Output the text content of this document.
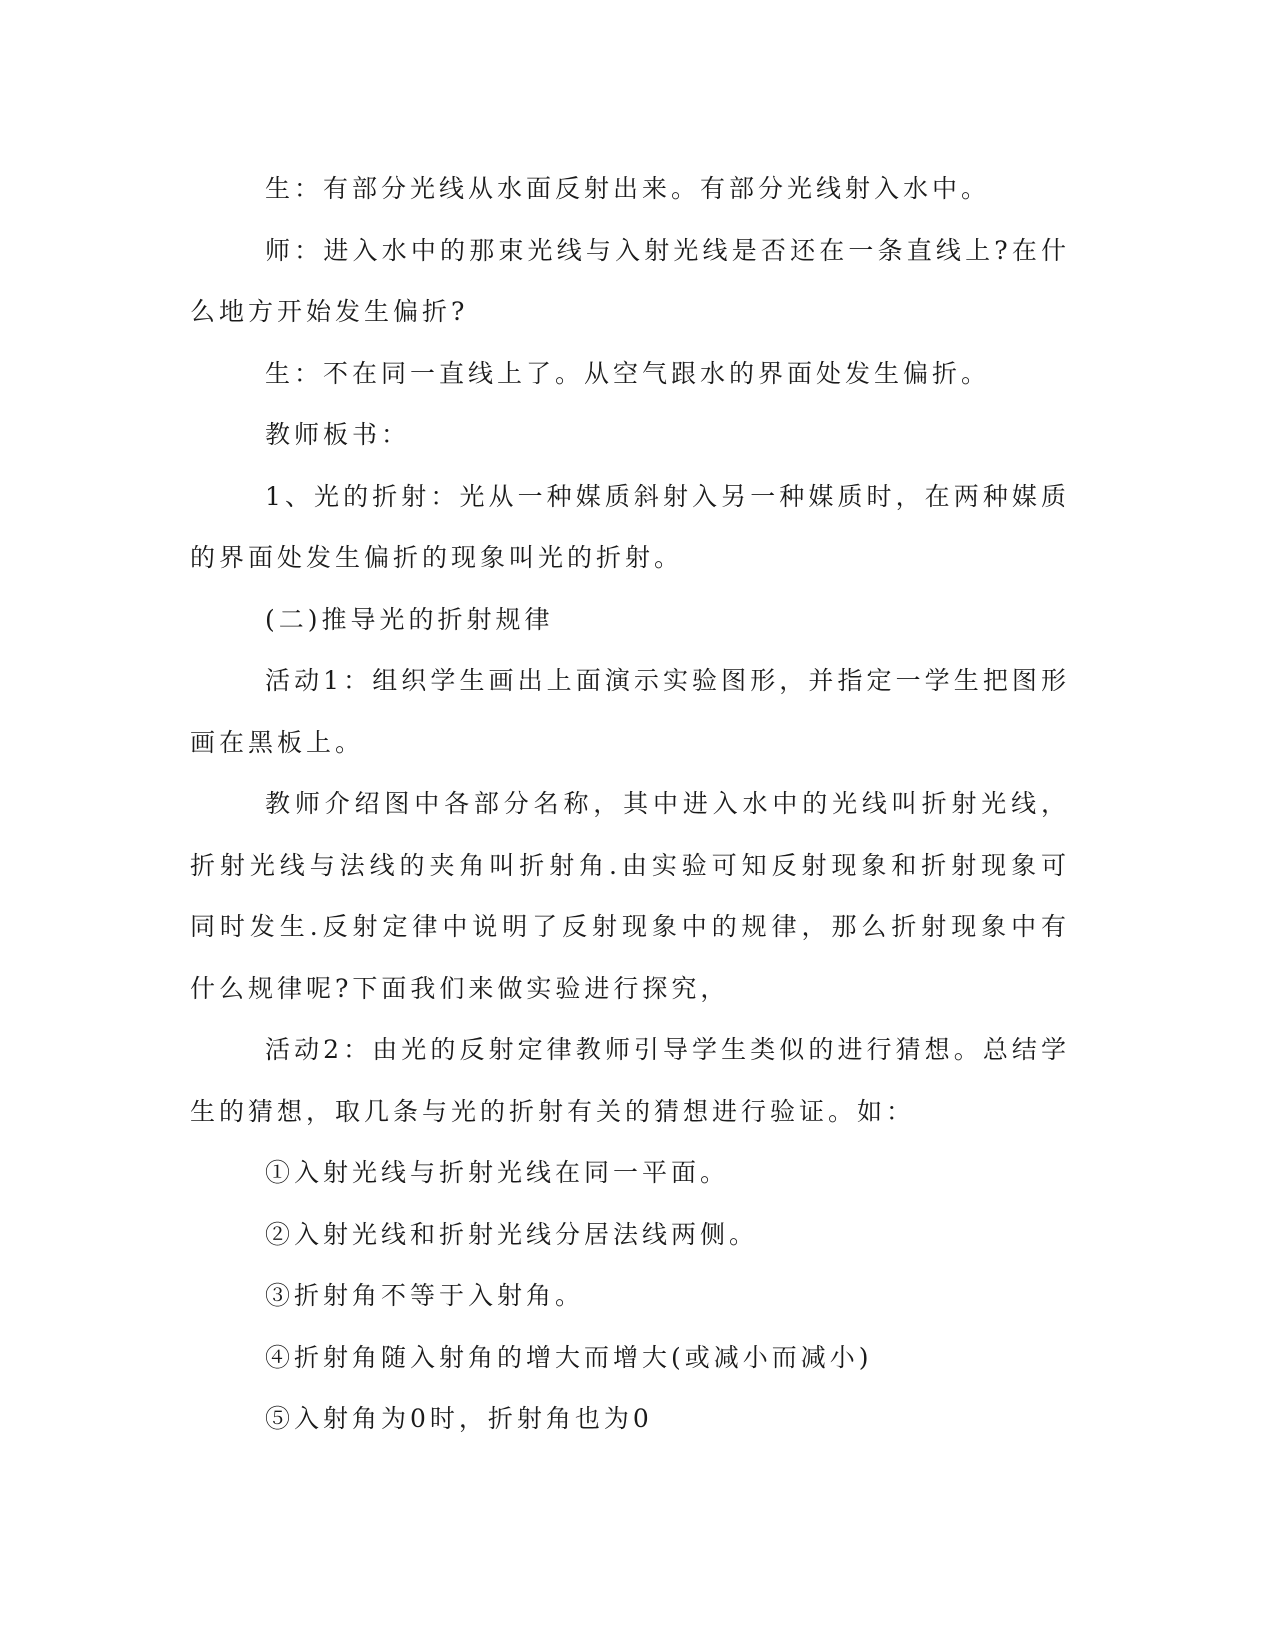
生：有部分光线从水面反射出来。有部分光线射入水中。

师：进入水中的那束光线与入射光线是否还在一条直线上?在什么地方开始发生偏折?

生：不在同一直线上了。从空气跟水的界面处发生偏折。

教师板书：

1、光的折射：光从一种媒质斜射入另一种媒质时，在两种媒质的界面处发生偏折的现象叫光的折射。

(二)推导光的折射规律

活动1：组织学生画出上面演示实验图形，并指定一学生把图形画在黑板上。

教师介绍图中各部分名称，其中进入水中的光线叫折射光线，折射光线与法线的夹角叫折射角.由实验可知反射现象和折射现象可同时发生.反射定律中说明了反射现象中的规律，那么折射现象中有什么规律呢?下面我们来做实验进行探究，

活动2：由光的反射定律教师引导学生类似的进行猜想。总结学生的猜想，取几条与光的折射有关的猜想进行验证。如：

①入射光线与折射光线在同一平面。

②入射光线和折射光线分居法线两侧。

③折射角不等于入射角。

④折射角随入射角的增大而增大(或减小而减小)

⑤入射角为0时，折射角也为0
